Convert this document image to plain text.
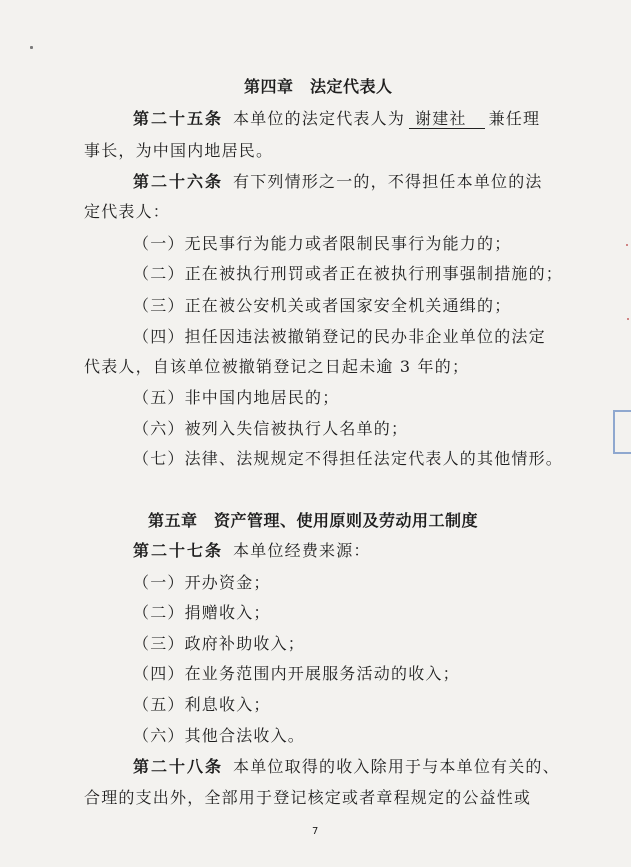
第四章　法定代表人
第二十五条 本单位的法定代表人为 谢建社 兼任理
事长，为中国内地居民。
第二十六条 有下列情形之一的，不得担任本单位的法
定代表人：
（一）无民事行为能力或者限制民事行为能力的；
（二）正在被执行刑罚或者正在被执行刑事强制措施的；
（三）正在被公安机关或者国家安全机关通缉的；
（四）担任因违法被撤销登记的民办非企业单位的法定
代表人，自该单位被撤销登记之日起未逾 3 年的；
（五）非中国内地居民的；
（六）被列入失信被执行人名单的；
（七）法律、法规规定不得担任法定代表人的其他情形。
第五章　资产管理、使用原则及劳动用工制度
第二十七条 本单位经费来源：
（一）开办资金；
（二）捐赠收入；
（三）政府补助收入；
（四）在业务范围内开展服务活动的收入；
（五）利息收入；
（六）其他合法收入。
第二十八条 本单位取得的收入除用于与本单位有关的、
合理的支出外，全部用于登记核定或者章程规定的公益性或
7
